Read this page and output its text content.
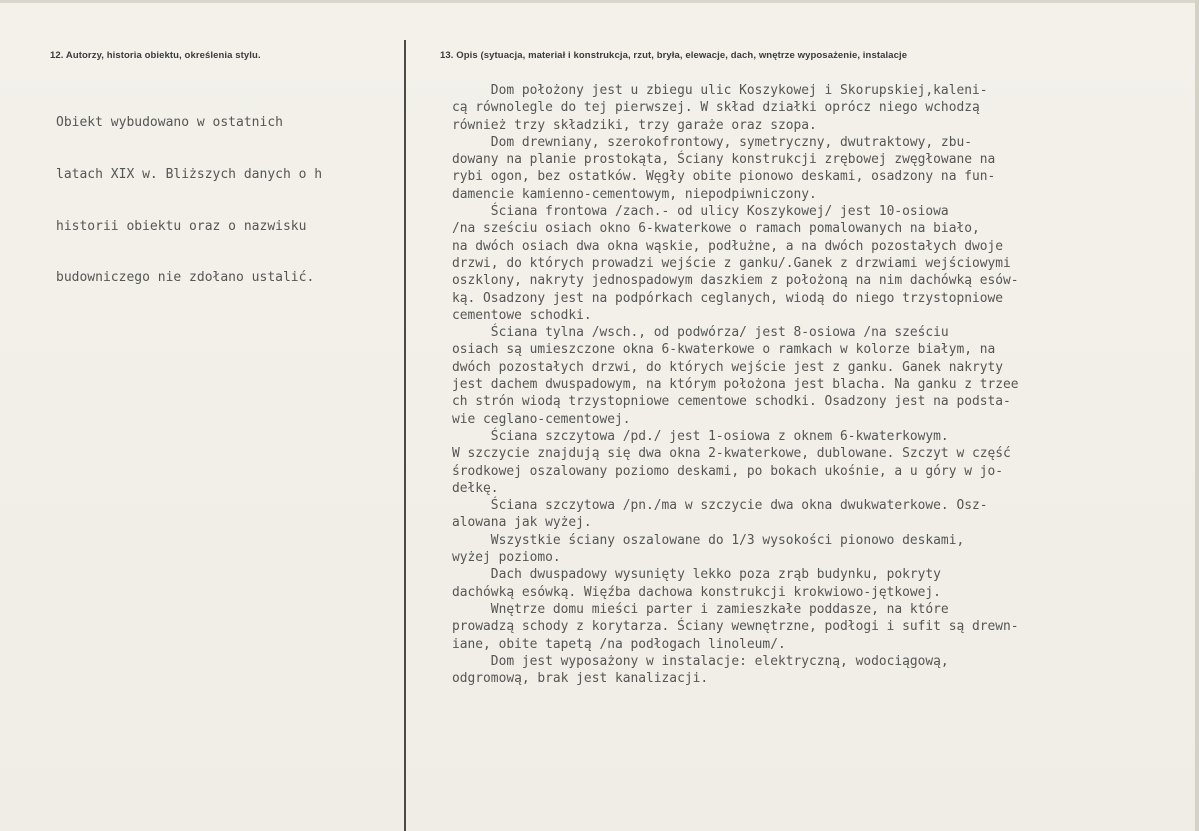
12. Autorzy, historia obiektu, określenia stylu.	13. Opis (sytuacja, materiał i konstrukcja, rzut, bryła, elewacje, dach, wnętrze wyposażenie, instalacje

Obiekt wybudowano w ostatnich

latach XIX w. Bliższych danych o h

historii obiektu oraz o nazwisku

budowniczego nie zdołano ustalić.

Dom położony jest u zbiegu ulic Koszykowej i Skorupskiej,kaleni-
cą równolegle do tej pierwszej. W skład działki oprócz niego wchodzą
również trzy składziki, trzy garaże oraz szopa.
Dom drewniany, szerokofrontowy, symetryczny, dwutraktowy, zbu-
dowany na planie prostokąta, Ściany konstrukcji zrębowej zwęgłowane na
rybi ogon, bez ostatków. Węgły obite pionowo deskami, osadzony na fun-
damencie kamienno-cementowym, niepodpiwniczony.
Ściana frontowa /zach.- od ulicy Koszykowej/ jest 10-osiowa
/na sześciu osiach okno 6-kwaterkowe o ramach pomalowanych na biało,
na dwóch osiach dwa okna wąskie, podłużne, a na dwóch pozostałych dwoje
drzwi, do których prowadzi wejście z ganku/.Ganek z drzwiami wejściowymi
oszklony, nakryty jednospadowym daszkiem z położoną na nim dachówką esów-
ką. Osadzony jest na podpórkach ceglanych, wiodą do niego trzystopniowe
cementowe schodki.
Ściana tylna /wsch., od podwórza/ jest 8-osiowa /na sześciu
osiach są umieszczone okna 6-kwaterkowe o ramkach w kolorze białym, na
dwóch pozostałych drzwi, do których wejście jest z ganku. Ganek nakryty
jest dachem dwuspadowym, na którym położona jest blacha. Na ganku z trzee
ch strón wiodą trzystopniowe cementowe schodki. Osadzony jest na podsta-
wie ceglano-cementowej.
Ściana szczytowa /pd./ jest 1-osiowa z oknem 6-kwaterkowym.
W szczycie znajdują się dwa okna 2-kwaterkowe, dublowane. Szczyt w część
środkowej oszalowany poziomo deskami, po bokach ukośnie, a u góry w jo-
dełkę.
Ściana szczytowa /pn./ma w szczycie dwa okna dwukwaterkowe. Osz-
alowana jak wyżej.
Wszystkie ściany oszalowane do 1/3 wysokości pionowo deskami,
wyżej poziomo.
Dach dwuspadowy wysunięty lekko poza zrąb budynku, pokryty
dachówką esówką. Więźba dachowa konstrukcji krokwiowo-jętkowej.
Wnętrze domu mieści parter i zamieszkałe poddasze, na które
prowadzą schody z korytarza. Ściany wewnętrzne, podłogi i sufit są drewn-
iane, obite tapetą /na podłogach linoleum/.
Dom jest wyposażony w instalacje: elektryczną, wodociągową,
odgromową, brak jest kanalizacji.
